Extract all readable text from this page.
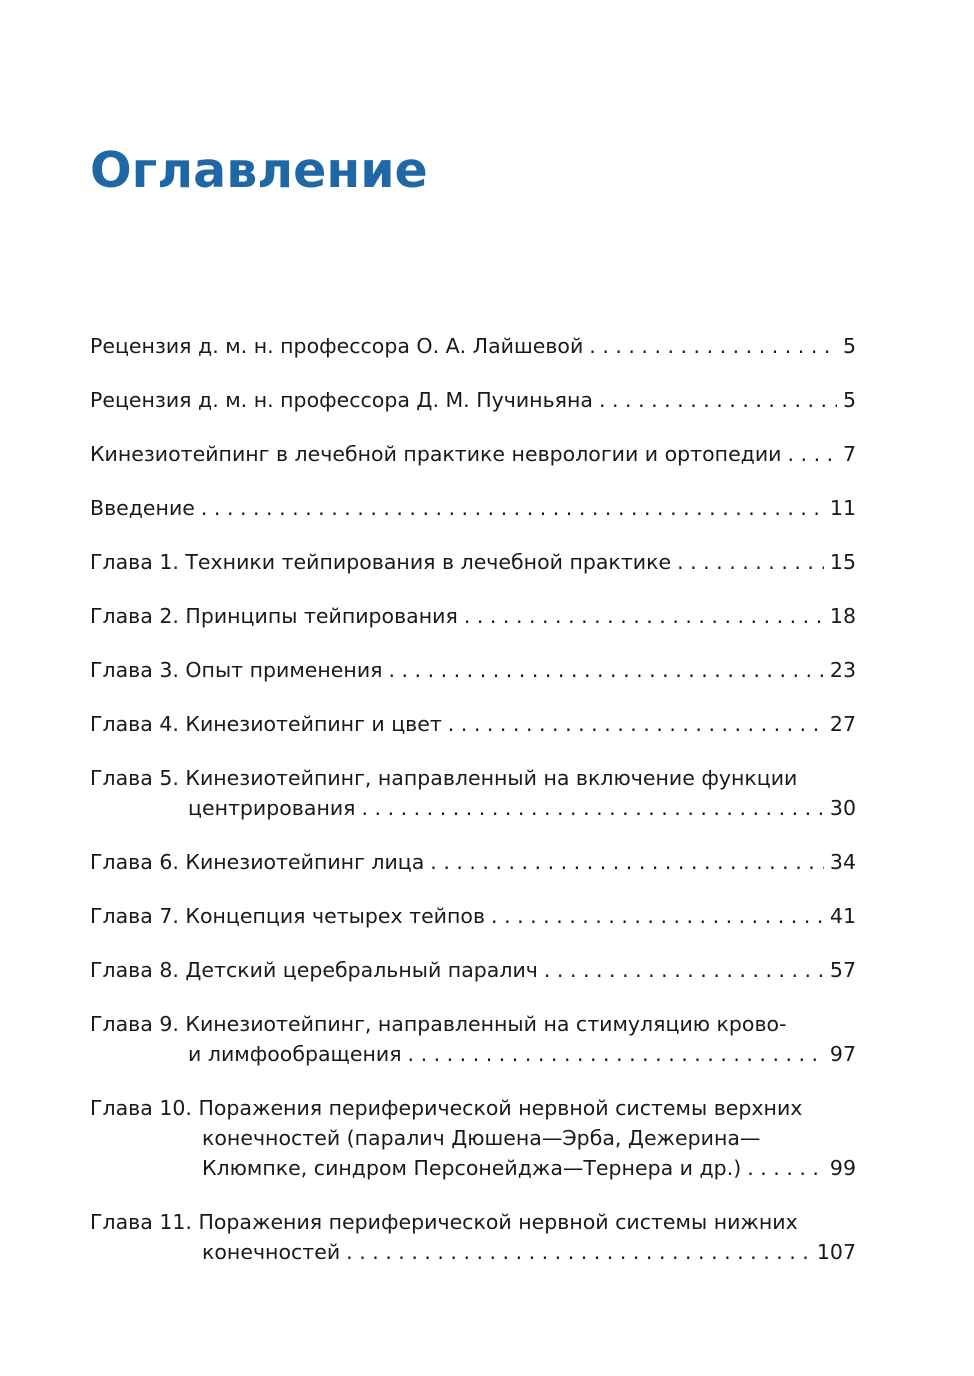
Оглавление
Рецензия д. м. н. профессора О. А. Лайшевой . . .	5
Рецензия д. м. н. профессора Д. М. Пучиньяна . . .	5
Кинезиотейпинг в лечебной практике неврологии и ортопедии . . .	7
Введение . . .	11
Глава 1. Техники тейпирования в лечебной практике . . .	15
Глава 2. Принципы тейпирования . . .	18
Глава 3. Опыт применения . . .	23
Глава 4. Кинезиотейпинг и цвет . . .	27
Глава 5. Кинезиотейпинг, направленный на включение функции
центрирования . . .	30
Глава 6. Кинезиотейпинг лица . . .	34
Глава 7. Концепция четырех тейпов . . .	41
Глава 8. Детский церебральный паралич . . .	57
Глава 9. Кинезиотейпинг, направленный на стимуляцию крово-
и лимфообращения . . .	97
Глава 10. Поражения периферической нервной системы верхних
конечностей (паралич Дюшена—Эрба, Дежерина—
Клюмпке, синдром Персонейджа—Тернера и др.) . . .	99
Глава 11. Поражения периферической нервной системы нижних
конечностей . . .	107
